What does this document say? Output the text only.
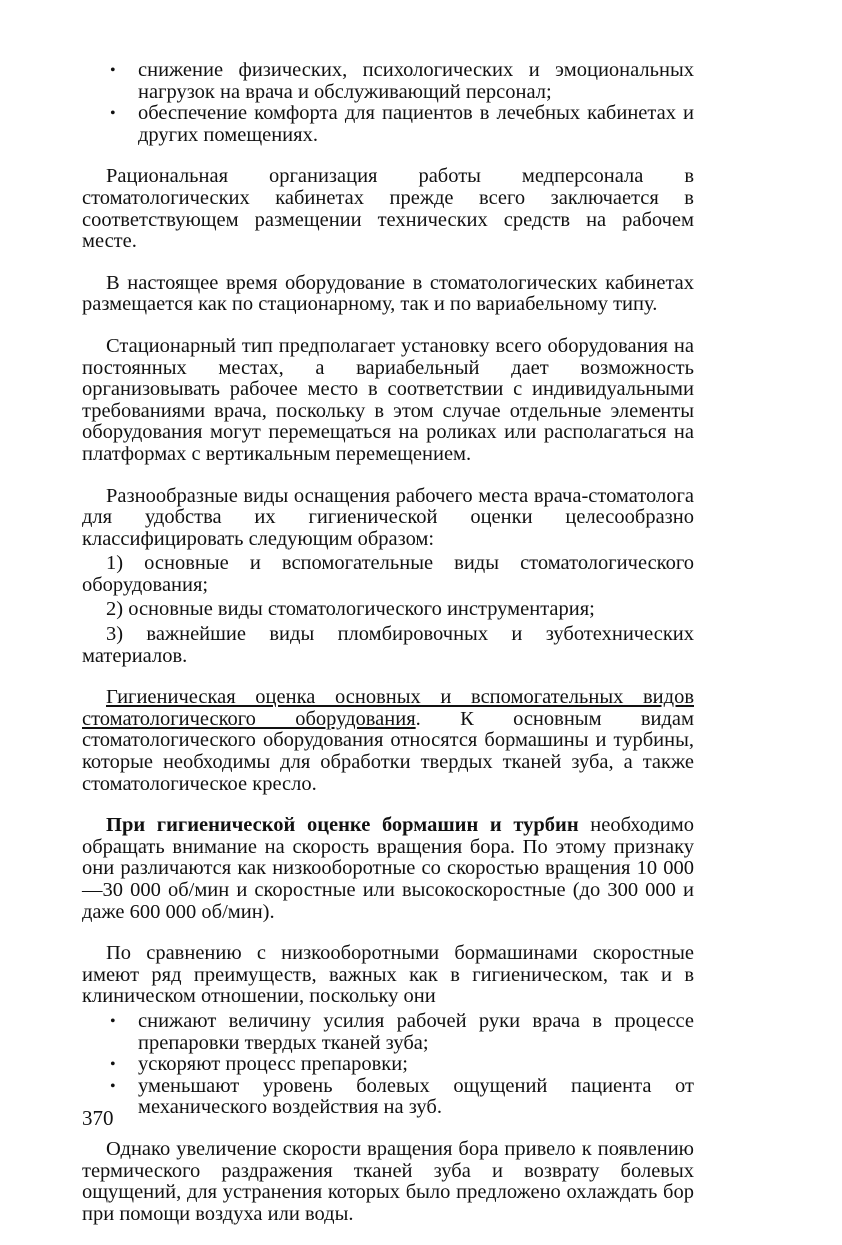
• снижение физических, психологических и эмоциональных нагрузок на врача и обслуживающий персонал;
• обеспечение комфорта для пациентов в лечебных кабинетах и других помещениях.

Рациональная организация работы медперсонала в стоматологических кабинетах прежде всего заключается в соответствующем размещении технических средств на рабочем месте.

В настоящее время оборудование в стоматологических кабинетах размещается как по стационарному, так и по вариабельному типу.

Стационарный тип предполагает установку всего оборудования на постоянных местах, а вариабельный дает возможность организовывать рабочее место в соответствии с индивидуальными требованиями врача, поскольку в этом случае отдельные элементы оборудования могут перемещаться на роликах или располагаться на платформах с вертикальным перемещением.

Разнообразные виды оснащения рабочего места врача-стоматолога для удобства их гигиенической оценки целесообразно классифицировать следующим образом:

1) основные и вспомогательные виды стоматологического оборудования;

2) основные виды стоматологического инструментария;

3) важнейшие виды пломбировочных и зуботехнических материалов.

Гигиеническая оценка основных и вспомогательных видов стоматологического оборудования. К основным видам стоматологического оборудования относятся бормашины и турбины, которые необходимы для обработки твердых тканей зуба, а также стоматологическое кресло.

При гигиенической оценке бормашин и турбин необходимо обращать внимание на скорость вращения бора. По этому признаку они различаются как низкооборотные со скоростью вращения 10 000—30 000 об/мин и скоростные или высокоскоростные (до 300 000 и даже 600 000 об/мин).

По сравнению с низкооборотными бормашинами скоростные имеют ряд преимуществ, важных как в гигиеническом, так и в клиническом отношении, поскольку они

• снижают величину усилия рабочей руки врача в процессе препаровки твердых тканей зуба;
• ускоряют процесс препаровки;
• уменьшают уровень болевых ощущений пациента от механического воздействия на зуб.

Однако увеличение скорости вращения бора привело к появлению термического раздражения тканей зуба и возврату болевых ощущений, для устранения которых было предложено охлаждать бор при помощи воздуха или воды.

370
